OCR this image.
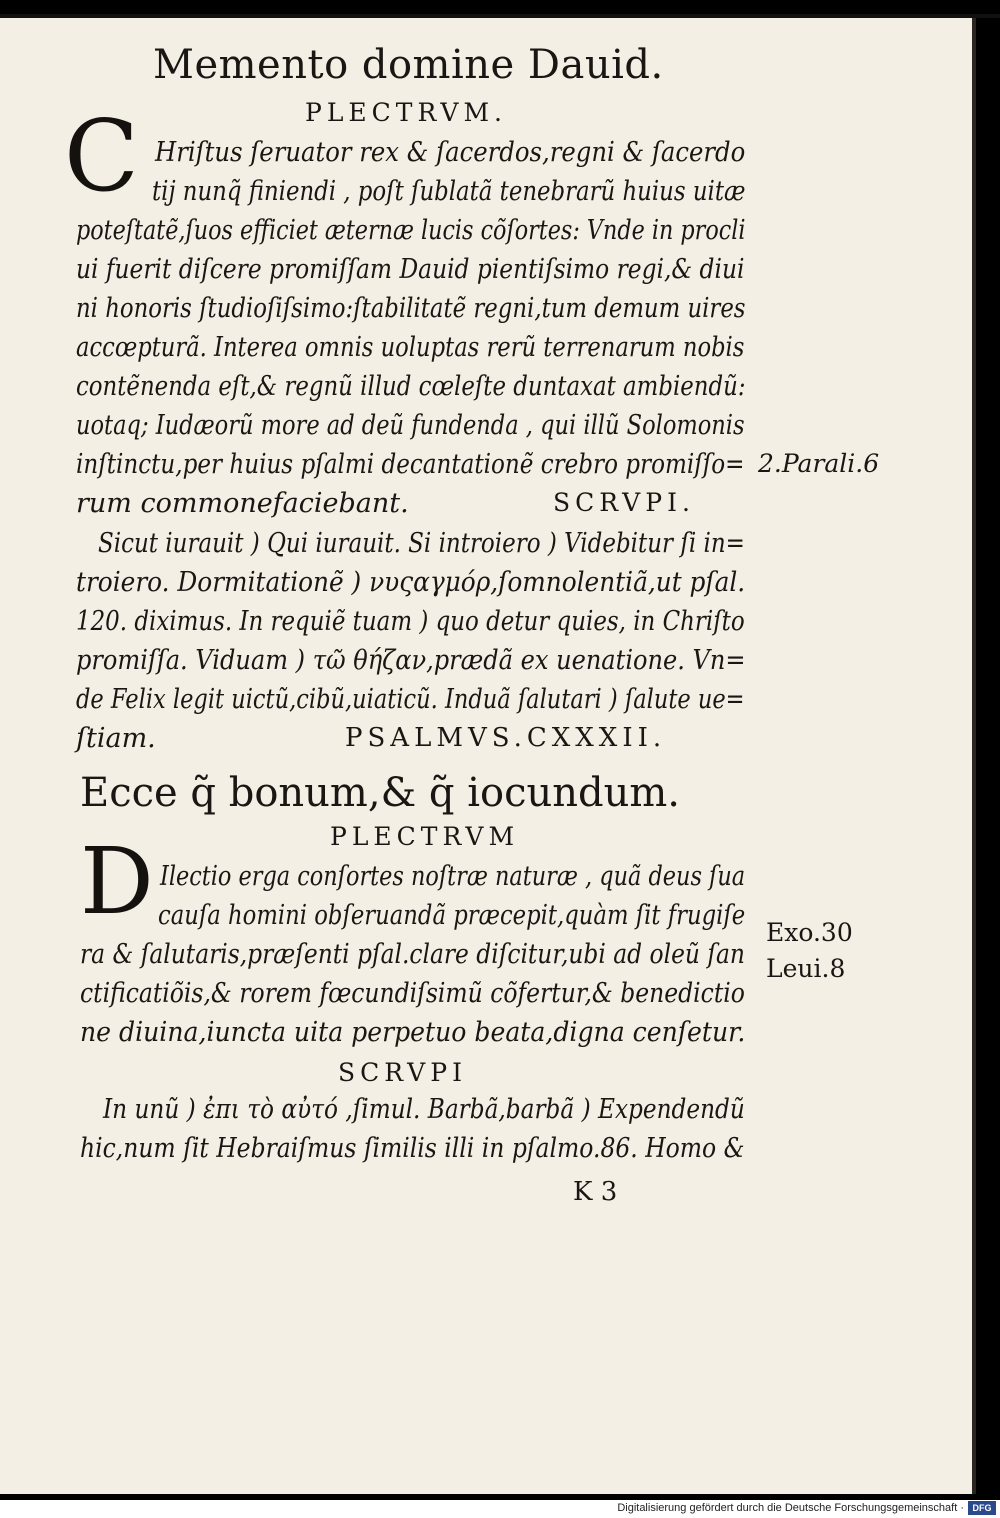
Memento domine Dauid.
PLECTRVM.
C Hriſtus ſeruator rex & ſacerdos,regni & ſacerdo
tij nunq̃ finiendi , poſt ſublatã tenebrarũ huius uitæ
poteſtatẽ,ſuos efficiet æternæ lucis cõſortes: Vnde in procli
ui fuerit diſcere promiſſam Dauid pientiſsimo regi,& diui
ni honoris ſtudioſiſsimo:ſtabilitatẽ regni,tum demum uires
accœpturã. Interea omnis uoluptas rerũ terrenarum nobis
contẽnenda eſt,& regnũ illud cœleſte duntaxat ambiendũ:
uotaq; Iudæorũ more ad deũ fundenda , qui illũ Solomonis
inſtinctu,per huius pſalmi decantationẽ crebro promiſſo=
rum commonefaciebant.
2.Parali.6
SCRVPI.
Sicut iurauit ) Qui iurauit. Si introiero ) Videbitur ſi in=
troiero. Dormitationẽ ) νυςαγμόρ,ſomnolentiã,ut pſal.
120. diximus. In requiẽ tuam ) quo detur quies, in Chriſto
promiſſa. Viduam ) τῶ θήζαν,prædã ex uenatione. Vn=
de Felix legit uictũ,cibũ,uiaticũ. Induã ſalutari ) ſalute ue=
ſtiam.	PSALMVS.CXXXII.
Ecce q̃ bonum,& q̃ iocundum.
PLECTRVM
D Ilectio erga conſortes noſtræ naturæ , quã deus ſua
cauſa homini obſeruandã præcepit,quàm ſit frugiſe
ra & ſalutaris,præſenti pſal.clare diſcitur,ubi ad oleũ ſan
ctificatiõis,& rorem fœcundiſsimũ cõfertur,& benedictio
ne diuina,iuncta uita perpetuo beata,digna cenſetur.
Exo.30
Leui.8
SCRVPI
In unũ ) ἐπι τὸ αὐτό ,ſimul. Barbã,barbã ) Expendendũ
hic,num ſit Hebraiſmus ſimilis illi in pſalmo.86. Homo &
K 3
Digitalisierung gefördert durch die Deutsche Forschungsgemeinschaft · DFG
